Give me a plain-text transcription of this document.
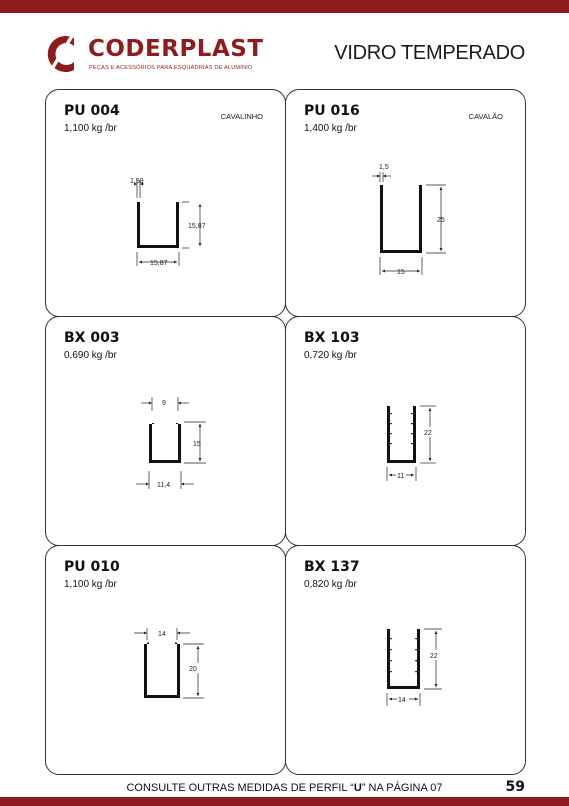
CODERPLAST
PEÇAS E ACESSÓRIOS PARA ESQUADRIAS DE ALUMÍNIO
VIDRO TEMPERADO
PU 004
1,100 kg /br
CAVALINHO
1,59
15,87
15,87
PU 016
1,400 kg /br
CAVALÃO
1,5
25
15
BX 003
0,690 kg /br
9
15
11,4
BX 103
0,720 kg /br
22
11
PU 010
1,100 kg /br
14
20
BX 137
0,820 kg /br
22
14
CONSULTE OUTRAS MEDIDAS DE PERFIL “U” NA PÁGINA 07	59
